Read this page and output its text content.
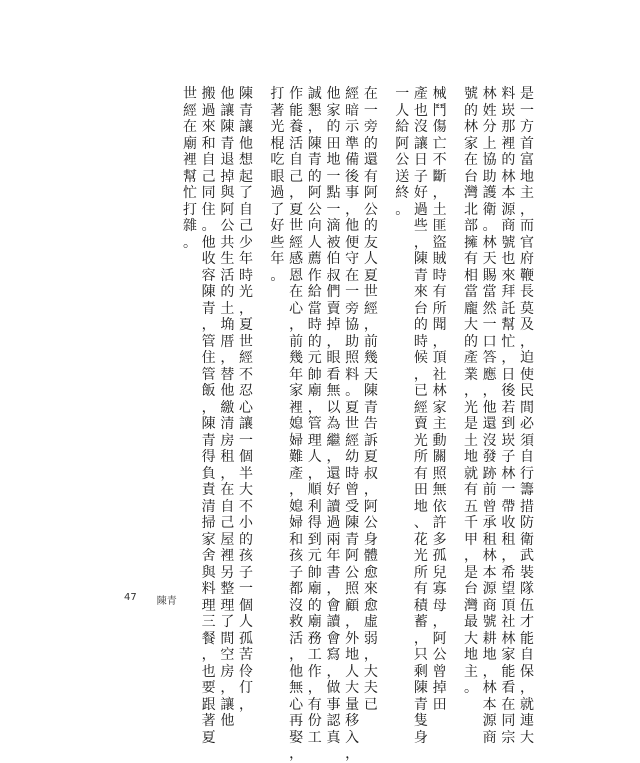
是
一
方
首
富
地
主
，
而
官
府
鞭
長
莫
及
，
迫
使
民
間
必
須
自
行
籌
措
防
衛
武
裝
隊
伍
才
能
自
保
，
就
連
大
料
崁
那
裡
的
林
本
源
商
號
也
來
拜
託
幫
忙
，
日
後
若
到
崁
子
林
一
帶
收
租
，
希
望
頂
社
林
家
能
看
在
同
宗
林
姓
分
上
協
助
護
衛
。
林
天
賜
當
然
一
口
答
應
，
他
還
沒
發
跡
前
曾
承
租
林
本
源
商
號
耕
地
，
林
本
源
商
號
的
林
家
在
台
灣
北
部
擁
有
相
當
龐
大
的
產
業
，
光
是
土
地
就
有
五
千
甲
，
是
台
灣
最
大
地
主
。
械
鬥
傷
亡
不
斷
，
土
匪
盜
賊
時
有
所
聞
，
頂
社
林
家
主
動
關
照
無
依
許
多
孤
兒
寡
母
，
阿
公
曾
掉
田
產
也
沒
讓
日
子
好
過
些
，
陳
青
來
台
的
時
候
，
已
經
賣
光
所
有
田
地
、
花
光
所
有
積
蓄
，
只
剩
陳
青
隻
身
一
人
給
阿
公
送
終
。
在
一
旁
的
還
有
阿
公
的
友
人
夏
世
經
，
前
幾
天
陳
青
告
訴
夏
叔
，
阿
公
身
體
愈
來
愈
虛
弱
，
大
夫
已
經
暗
示
準
備
後
事
，
他
便
守
在
一
旁
協
助
照
料
。
夏
世
經
幼
時
曾
受
陳
青
阿
公
照
顧
，
外
地
人
大
量
移
入
，
他
家
的
田
地
一
點
一
滴
被
伯
叔
們
賣
掉
，
眼
看
無
以
為
繼
，
還
好
讀
過
兩
年
書
，
會
讀
會
寫
，
做
事
認
真
誠
懇
，
陳
青
的
阿
公
向
人
薦
作
給
當
時
的
元
帥
廟
，
管
理
人
，
順
利
得
到
元
帥
廟
的
廟
務
工
作
，
有
份
工
作
能
養
活
自
己
，
夏
世
經
感
恩
在
心
，
前
幾
年
家
裡
媳
婦
難
產
，
媳
婦
和
孩
子
都
沒
救
活
，
他
無
心
再
娶
，
打
著
光
棍
吃
眼
過
了
好
些
年
。
陳
青
讓
他
想
起
了
自
己
少
年
時
光
，
夏
世
經
不
忍
心
讓
一
個
半
大
不
小
的
孩
子
一
個
人
孤
苦
伶
仃
，
他
讓
陳
青
退
掉
與
阿
公
共
生
活
的
土
埆
厝
，
替
他
繳
清
房
租
，
在
自
己
屋
裡
另
整
理
了
間
空
房
，
讓
他
搬
過
來
和
自
己
同
住
。
他
收
容
陳
青
，
管
住
管
飯
，
陳
青
得
負
責
清
掃
家
舍
與
料
理
三
餐
，
也
要
跟
著
夏
世
經
在
廟
裡
幫
忙
打
雜
。
47 陳青
